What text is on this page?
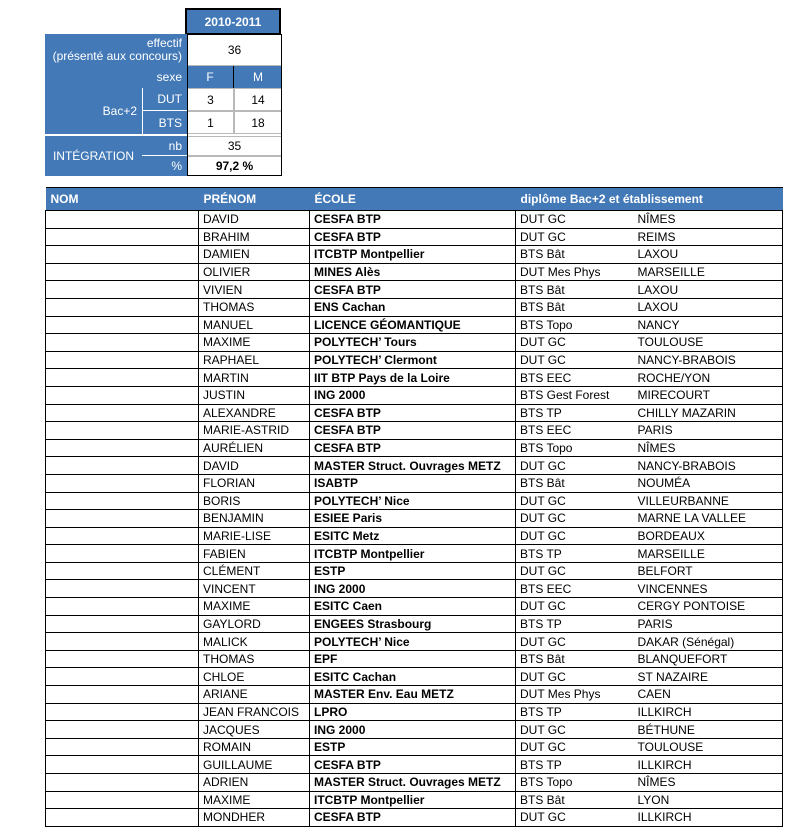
2010-2011
effectif
(présenté aux concours)	36
sexe	F	M
Bac+2
DUT	3	14
BTS	1	18
INTÉGRATION
nb	35
%	97,2 %
NOM	PRÉNOM	ÉCOLE	diplôme Bac+2 et établissement	
	DAVID	CESFA BTP	DUT GC	NÎMES
	BRAHIM	CESFA BTP	DUT GC	REIMS
	DAMIEN	ITCBTP Montpellier	BTS Bât	LAXOU
	OLIVIER	MINES Alès	DUT Mes Phys	MARSEILLE
	VIVIEN	CESFA BTP	BTS Bât	LAXOU
	THOMAS	ENS Cachan	BTS Bât	LAXOU
	MANUEL	LICENCE GÉOMANTIQUE	BTS Topo	NANCY
	MAXIME	POLYTECH’ Tours	DUT GC	TOULOUSE
	RAPHAEL	POLYTECH’ Clermont	DUT GC	NANCY-BRABOIS
	MARTIN	IIT BTP Pays de la Loire	BTS EEC	ROCHE/YON
	JUSTIN	ING 2000	BTS Gest Forest	MIRECOURT
	ALEXANDRE	CESFA BTP	BTS TP	CHILLY MAZARIN
	MARIE-ASTRID	CESFA BTP	BTS EEC	PARIS
	AURÉLIEN	CESFA BTP	BTS Topo	NÎMES
	DAVID	MASTER Struct. Ouvrages METZ	DUT GC	NANCY-BRABOIS
	FLORIAN	ISABTP	BTS Bât	NOUMÉA
	BORIS	POLYTECH’ Nice	DUT GC	VILLEURBANNE
	BENJAMIN	ESIEE Paris	DUT GC	MARNE LA VALLEE
	MARIE-LISE	ESITC Metz	DUT GC	BORDEAUX
	FABIEN	ITCBTP Montpellier	BTS TP	MARSEILLE
	CLÉMENT	ESTP	DUT GC	BELFORT
	VINCENT	ING 2000	BTS EEC	VINCENNES
	MAXIME	ESITC Caen	DUT GC	CERGY PONTOISE
	GAYLORD	ENGEES Strasbourg	BTS TP	PARIS
	MALICK	POLYTECH’ Nice	DUT GC	DAKAR (Sénégal)
	THOMAS	EPF	BTS Bât	BLANQUEFORT
	CHLOE	ESITC Cachan	DUT GC	ST NAZAIRE
	ARIANE	MASTER Env. Eau METZ	DUT Mes Phys	CAEN
	JEAN FRANCOIS	LPRO	BTS TP	ILLKIRCH
	JACQUES	ING 2000	DUT GC	BÉTHUNE
	ROMAIN	ESTP	DUT GC	TOULOUSE
	GUILLAUME	CESFA BTP	BTS TP	ILLKIRCH
	ADRIEN	MASTER Struct. Ouvrages METZ	BTS Topo	NÎMES
	MAXIME	ITCBTP Montpellier	BTS Bât	LYON
	MONDHER	CESFA BTP	DUT GC	ILLKIRCH
